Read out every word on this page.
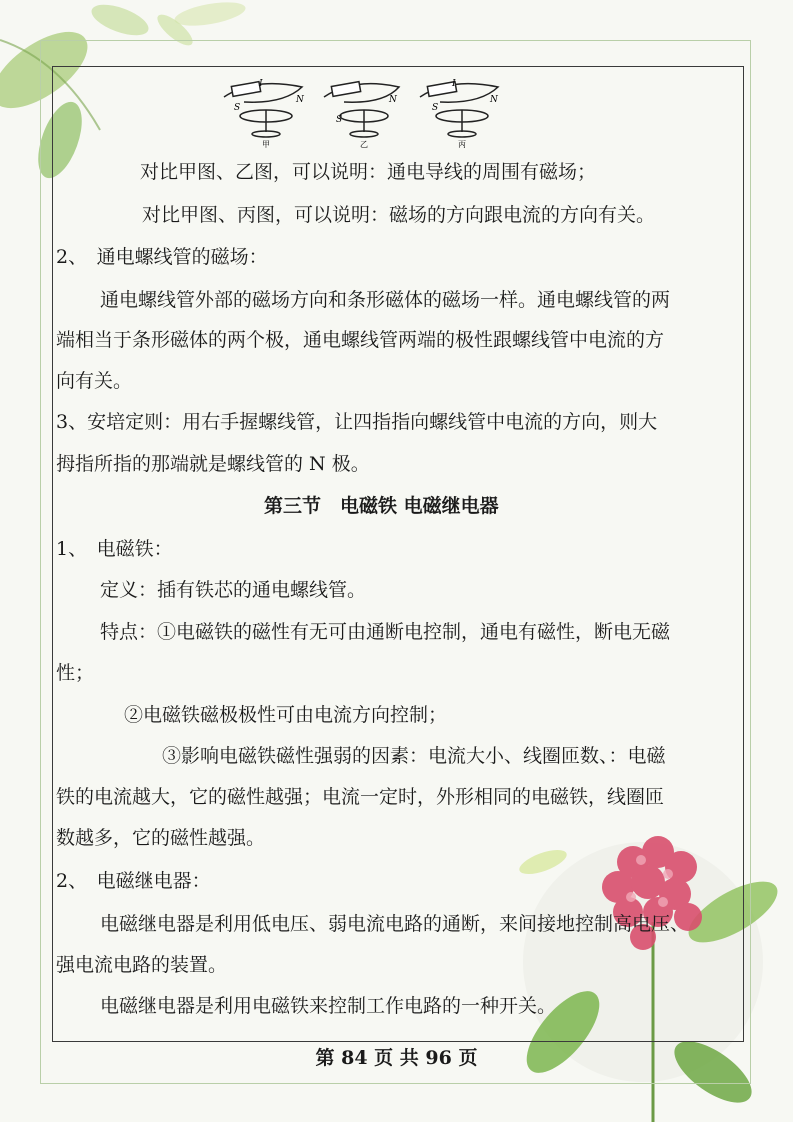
S
N
I
甲
S
N
乙
S
N
I
丙
对比甲图、乙图，可以说明：通电导线的周围有磁场；
对比甲图、丙图，可以说明：磁场的方向跟电流的方向有关。
2、　通电螺线管的磁场：
通电螺线管外部的磁场方向和条形磁体的磁场一样。通电螺线管的两
端相当于条形磁体的两个极，通电螺线管两端的极性跟螺线管中电流的方
向有关。
3、安培定则：用右手握螺线管，让四指指向螺线管中电流的方向，则大
拇指所指的那端就是螺线管的 N 极。
第三节　电磁铁 电磁继电器
1、　电磁铁：
定义：插有铁芯的通电螺线管。
特点：①电磁铁的磁性有无可由通断电控制，通电有磁性，断电无磁
性；
②电磁铁磁极极性可由电流方向控制；
③影响电磁铁磁性强弱的因素：电流大小、线圈匝数、：电磁
铁的电流越大，它的磁性越强；电流一定时，外形相同的电磁铁，线圈匝
数越多，它的磁性越强。
2、　电磁继电器：
电磁继电器是利用低电压、弱电流电路的通断，来间接地控制高电压、
强电流电路的装置。
电磁继电器是利用电磁铁来控制工作电路的一种开关。
第 84 页 共 96 页
